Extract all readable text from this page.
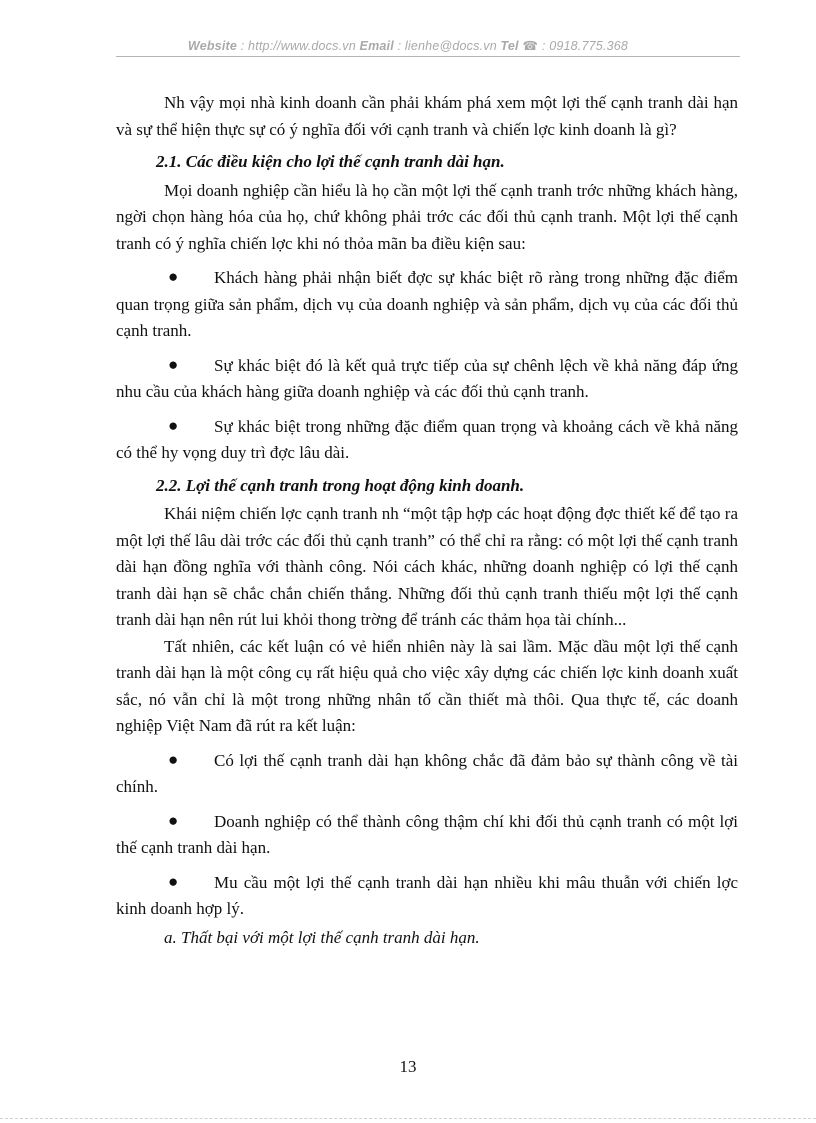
Website : http://www.docs.vn Email : lienhe@docs.vn Tel ☎ : 0918.775.368

Nh vậy mọi nhà kinh doanh cần phải khám phá xem một lợi thế cạnh tranh dài hạn và sự thể hiện thực sự có ý nghĩa đối với cạnh tranh và chiến lợc kinh doanh là gì?

2.1. Các điều kiện cho lợi thế cạnh tranh dài hạn.

Mọi doanh nghiệp cần hiểu là họ cần một lợi thế cạnh tranh trớc những khách hàng, ngời chọn hàng hóa của họ, chứ không phải trớc các đối thủ cạnh tranh. Một lợi thế cạnh tranh có ý nghĩa chiến lợc khi nó thỏa mãn ba điều kiện sau:

● Khách hàng phải nhận biết đợc sự khác biệt rõ ràng trong những đặc điểm quan trọng giữa sản phẩm, dịch vụ của doanh nghiệp và sản phẩm, dịch vụ của các đối thủ cạnh tranh.

● Sự khác biệt đó là kết quả trực tiếp của sự chênh lệch về khả năng đáp ứng nhu cầu của khách hàng giữa doanh nghiệp và các đối thủ cạnh tranh.

● Sự khác biệt trong những đặc điểm quan trọng và khoảng cách về khả năng có thể hy vọng duy trì đợc lâu dài.

2.2. Lợi thế cạnh tranh trong hoạt động kinh doanh.

Khái niệm chiến lợc cạnh tranh nh “một tập hợp các hoạt động đợc thiết kế để tạo ra một lợi thế lâu dài trớc các đối thủ cạnh tranh” có thể chỉ ra rằng: có một lợi thế cạnh tranh dài hạn đồng nghĩa với thành công. Nói cách khác, những doanh nghiệp có lợi thế cạnh tranh dài hạn sẽ chắc chắn chiến thắng. Những đối thủ cạnh tranh thiếu một lợi thế cạnh tranh dài hạn nên rút lui khỏi thong trờng để tránh các thảm họa tài chính...

Tất nhiên, các kết luận có vẻ hiển nhiên này là sai lầm. Mặc dầu một lợi thế cạnh tranh dài hạn là một công cụ rất hiệu quả cho việc xây dựng các chiến lợc kinh doanh xuất sắc, nó vẫn chỉ là một trong những nhân tố cần thiết mà thôi. Qua thực tế, các doanh nghiệp Việt Nam đã rút ra kết luận:

● Có lợi thế cạnh tranh dài hạn không chắc đã đảm bảo sự thành công về tài chính.

● Doanh nghiệp có thể thành công thậm chí khi đối thủ cạnh tranh có một lợi thế cạnh tranh dài hạn.

● Mu cầu một lợi thế cạnh tranh dài hạn nhiều khi mâu thuẫn với chiến lợc kinh doanh hợp lý.

a. Thất bại với một lợi thế cạnh tranh dài hạn.

13
